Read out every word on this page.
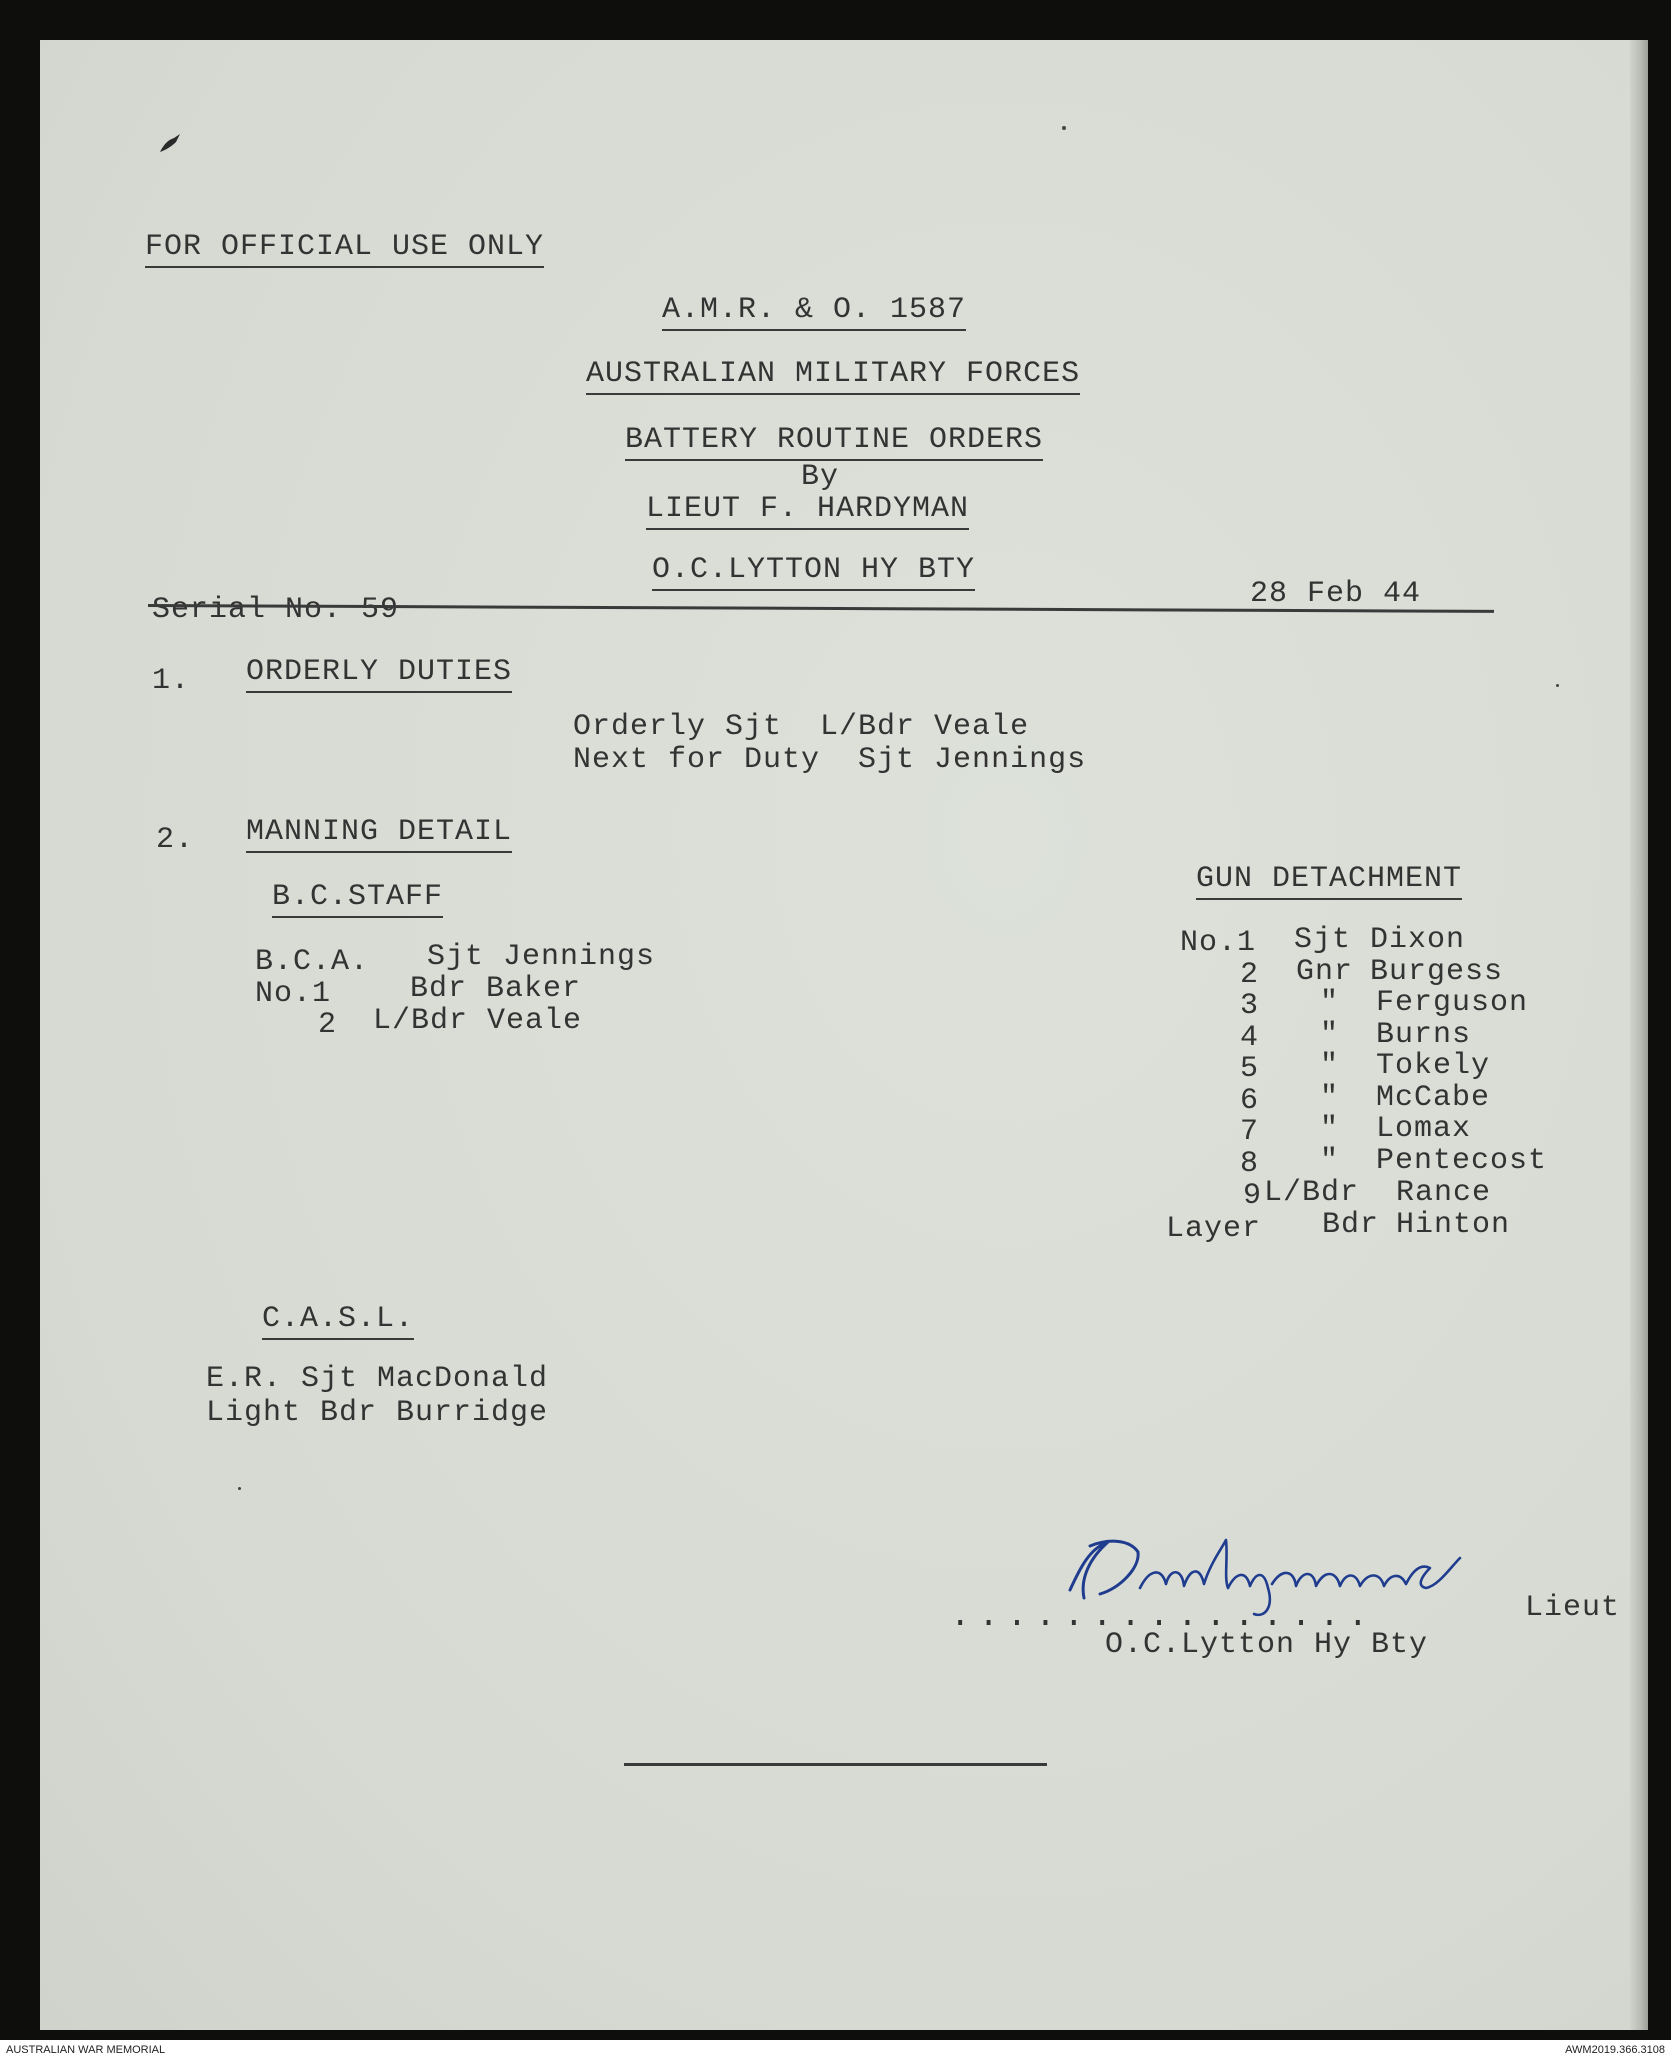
FOR OFFICIAL USE ONLY
A.M.R. & O. 1587
AUSTRALIAN MILITARY FORCES
BATTERY ROUTINE ORDERS
By
LIEUT F. HARDYMAN
O.C.LYTTON HY BTY
Serial No. 59	28 Feb 44
1. ORDERLY DUTIES
Orderly Sjt  L/Bdr Veale
Next for Duty  Sjt Jennings
2. MANNING DETAIL
B.C.STAFF
B.C.A. Sjt Jennings
No.1	Bdr Baker
2 L/Bdr Veale
GUN DETACHMENT
No.1 Sjt Dixon
2 Gnr Burgess
3 " Ferguson
4 " Burns
5 " Tokely
6 " McCabe
7 " Lomax
8 " Pentecost
9 L/Bdr Rance
Layer Bdr Hinton
C.A.S.L.
E.R. Sjt MacDonald
Light Bdr Burridge
...............	Lieut
O.C.Lytton Hy Bty
AUSTRALIAN WAR MEMORIAL	AWM2019.366.3108
